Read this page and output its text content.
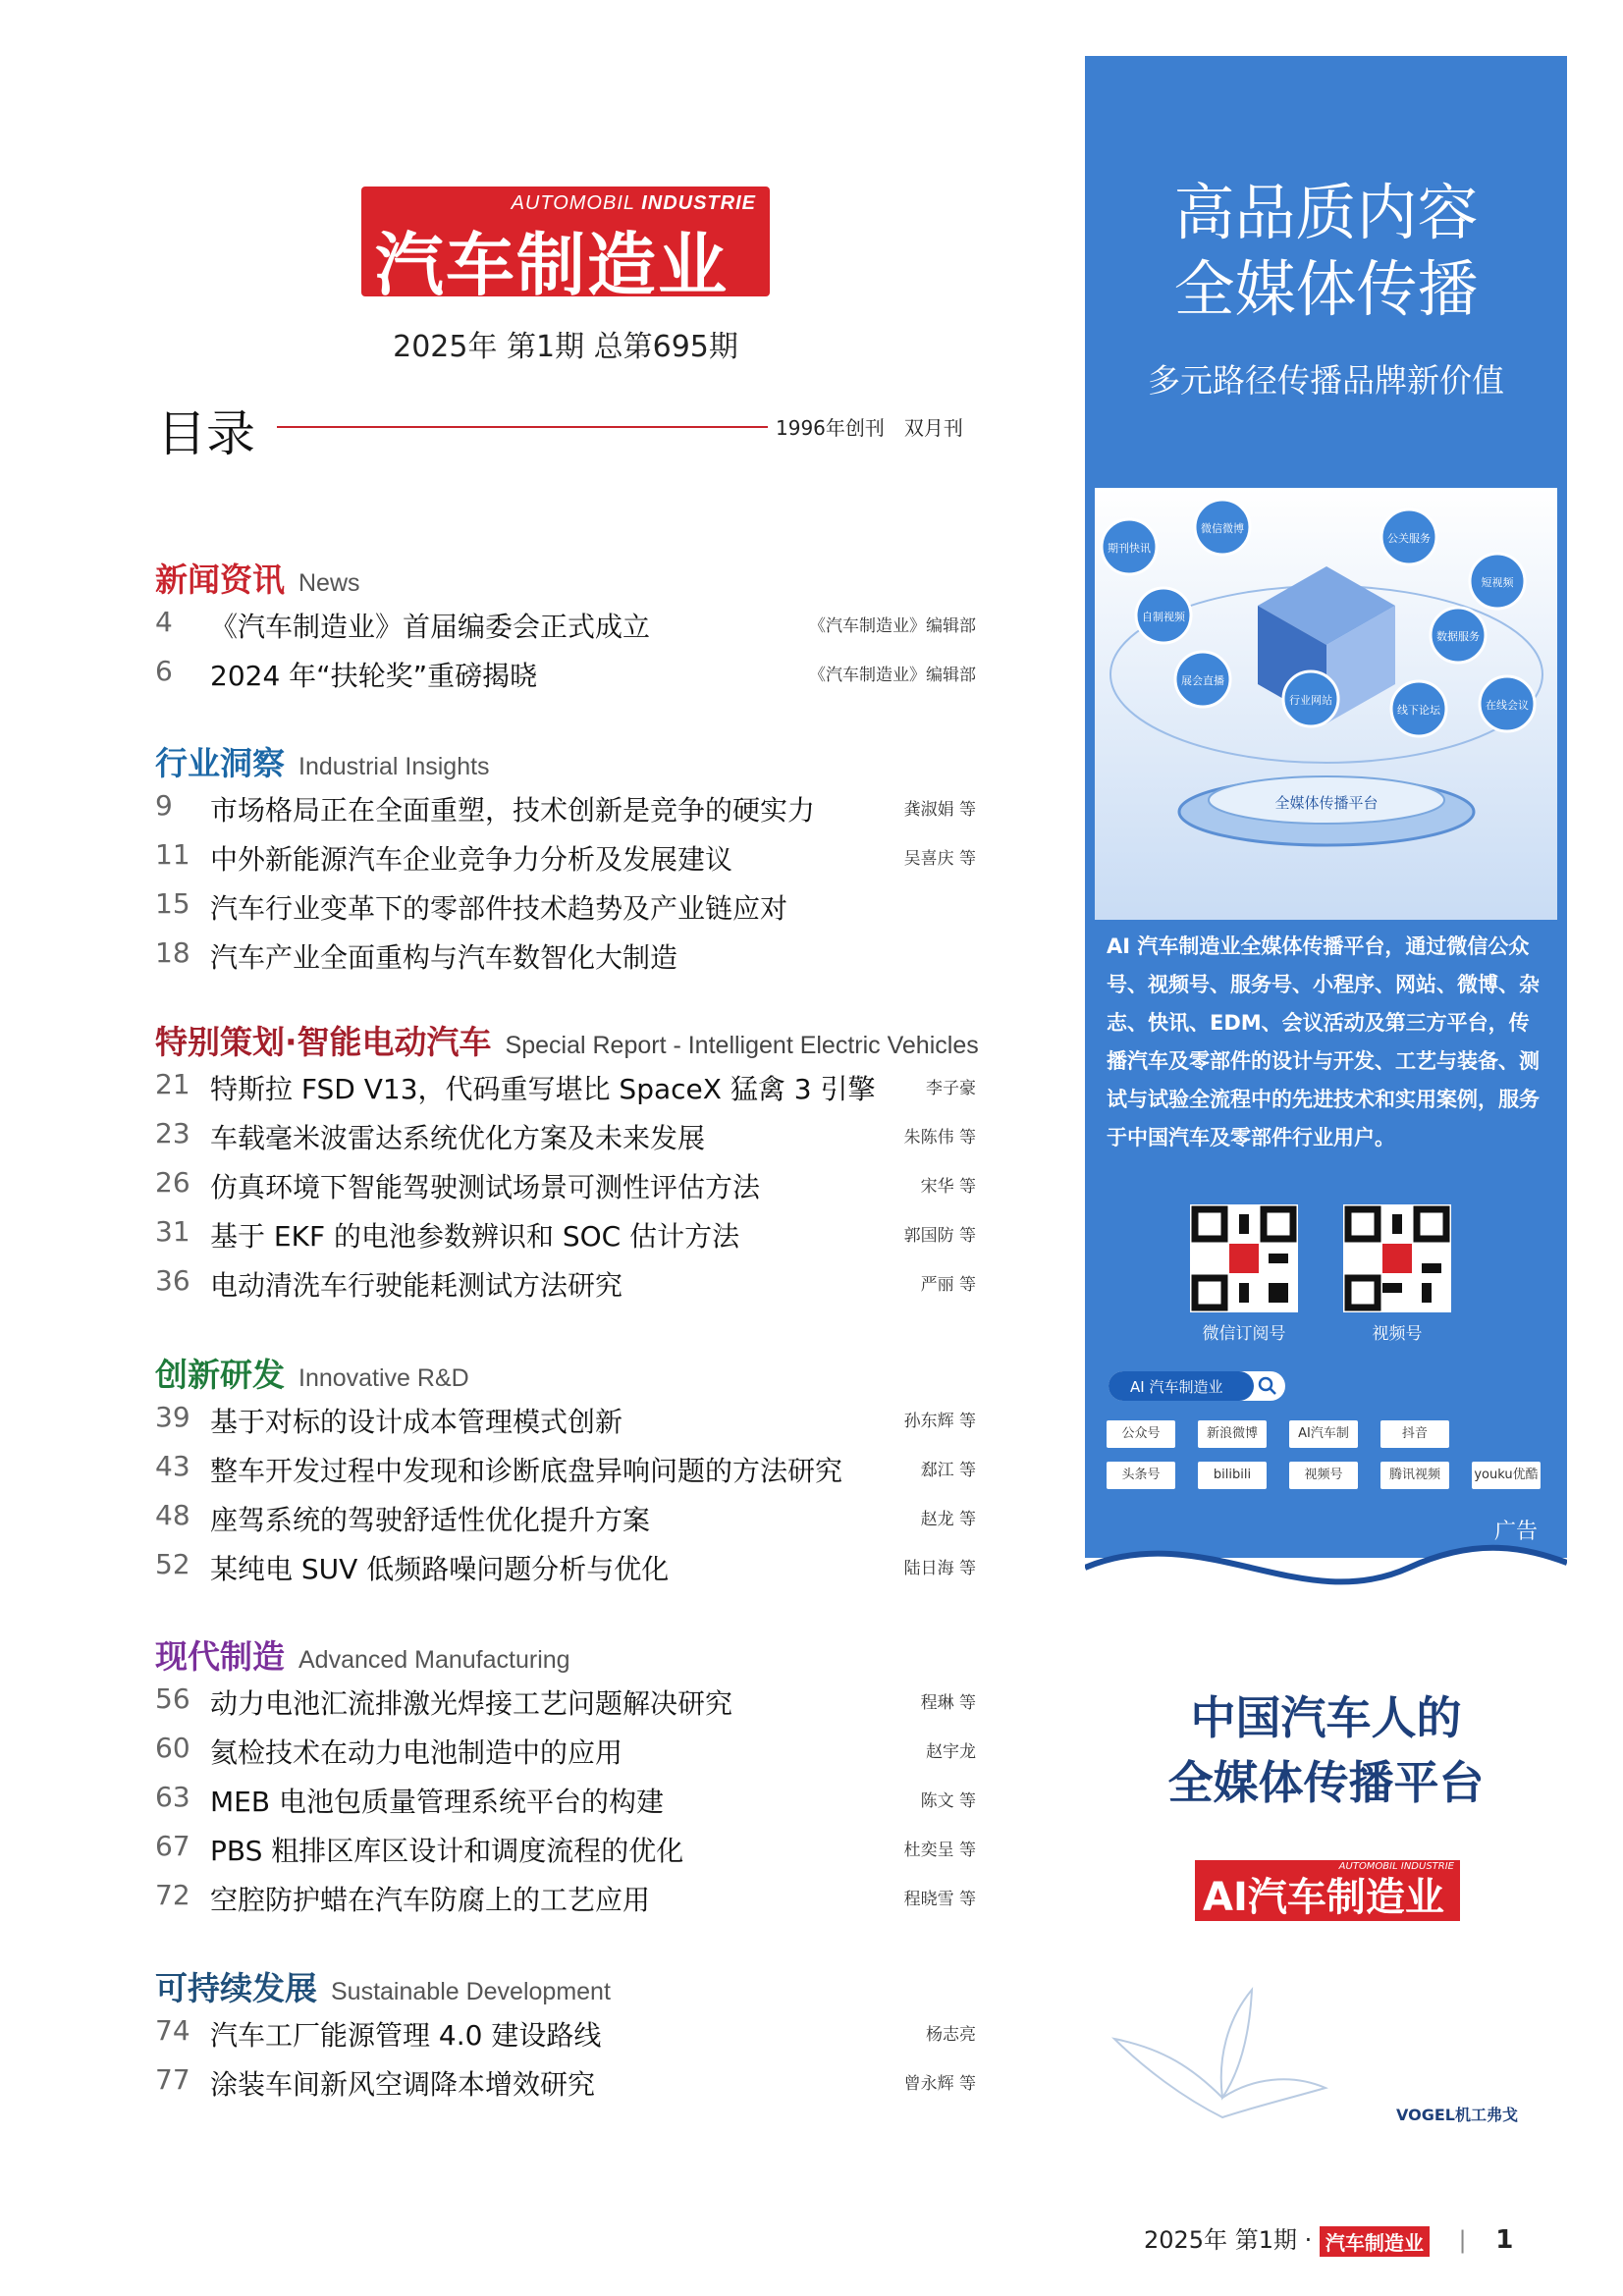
AUTOMOBIL INDUSTRIE
汽车制造业
2025年 第1期 总第695期
目录	1996年创刊　双月刊
新闻资讯 News
4	《汽车制造业》首届编委会正式成立	《汽车制造业》编辑部
6	2024 年“扶轮奖”重磅揭晓	《汽车制造业》编辑部
行业洞察 Industrial Insights
9	市场格局正在全面重塑，技术创新是竞争的硬实力	龚淑娟 等
11 中外新能源汽车企业竞争力分析及发展建议	吴喜庆 等
15 汽车行业变革下的零部件技术趋势及产业链应对
18 汽车产业全面重构与汽车数智化大制造
特别策划·智能电动汽车 Special Report - Intelligent Electric Vehicles
21 特斯拉 FSD V13，代码重写堪比 SpaceX 猛禽 3 引擎	李子豪
23 车载毫米波雷达系统优化方案及未来发展	朱陈伟 等
26 仿真环境下智能驾驶测试场景可测性评估方法	宋华 等
31 基于 EKF 的电池参数辨识和 SOC 估计方法	郭国防 等
36 电动清洗车行驶能耗测试方法研究	严丽 等
创新研发 Innovative R&D
39 基于对标的设计成本管理模式创新	孙东辉 等
43 整车开发过程中发现和诊断底盘异响问题的方法研究	郄江 等
48 座驾系统的驾驶舒适性优化提升方案	赵龙 等
52 某纯电 SUV 低频路噪问题分析与优化	陆日海 等
现代制造 Advanced Manufacturing
56 动力电池汇流排激光焊接工艺问题解决研究	程琳 等
60 氦检技术在动力电池制造中的应用	赵宇龙
63 MEB 电池包质量管理系统平台的构建	陈文 等
67 PBS 粗排区库区设计和调度流程的优化	杜奕呈 等
72 空腔防护蜡在汽车防腐上的工艺应用	程晓雪 等
可持续发展 Sustainable Development
74 汽车工厂能源管理 4.0 建设路线	杨志亮
77 涂装车间新风空调降本增效研究	曾永辉 等
高品质内容
全媒体传播
多元路径传播品牌新价值
全媒体传播平台
期刊快讯
微信微博
公关服务
短视频
自制视频
数据服务
展会直播
在线会议
行业网站
线下论坛
AI 汽车制造业全媒体传播平台，通过微信公众号、视频号、服务号、小程序、网站、微博、杂志、快讯、EDM、会议活动及第三方平台，传播汽车及零部件的设计与开发、工艺与装备、测试与试验全流程中的先进技术和实用案例，服务于中国汽车及零部件行业用户。
微信订阅号	视频号
AI 汽车制造业
公众号	新浪微博	AI汽车制	抖音
头条号	bilibili	视频号	腾讯视频	youku优酷
广告
中国汽车人的
全媒体传播平台
AUTOMOBIL INDUSTRIE
AI汽车制造业
VOGEL机工弗戈
2025年 第1期 · 汽车制造业 | 1
